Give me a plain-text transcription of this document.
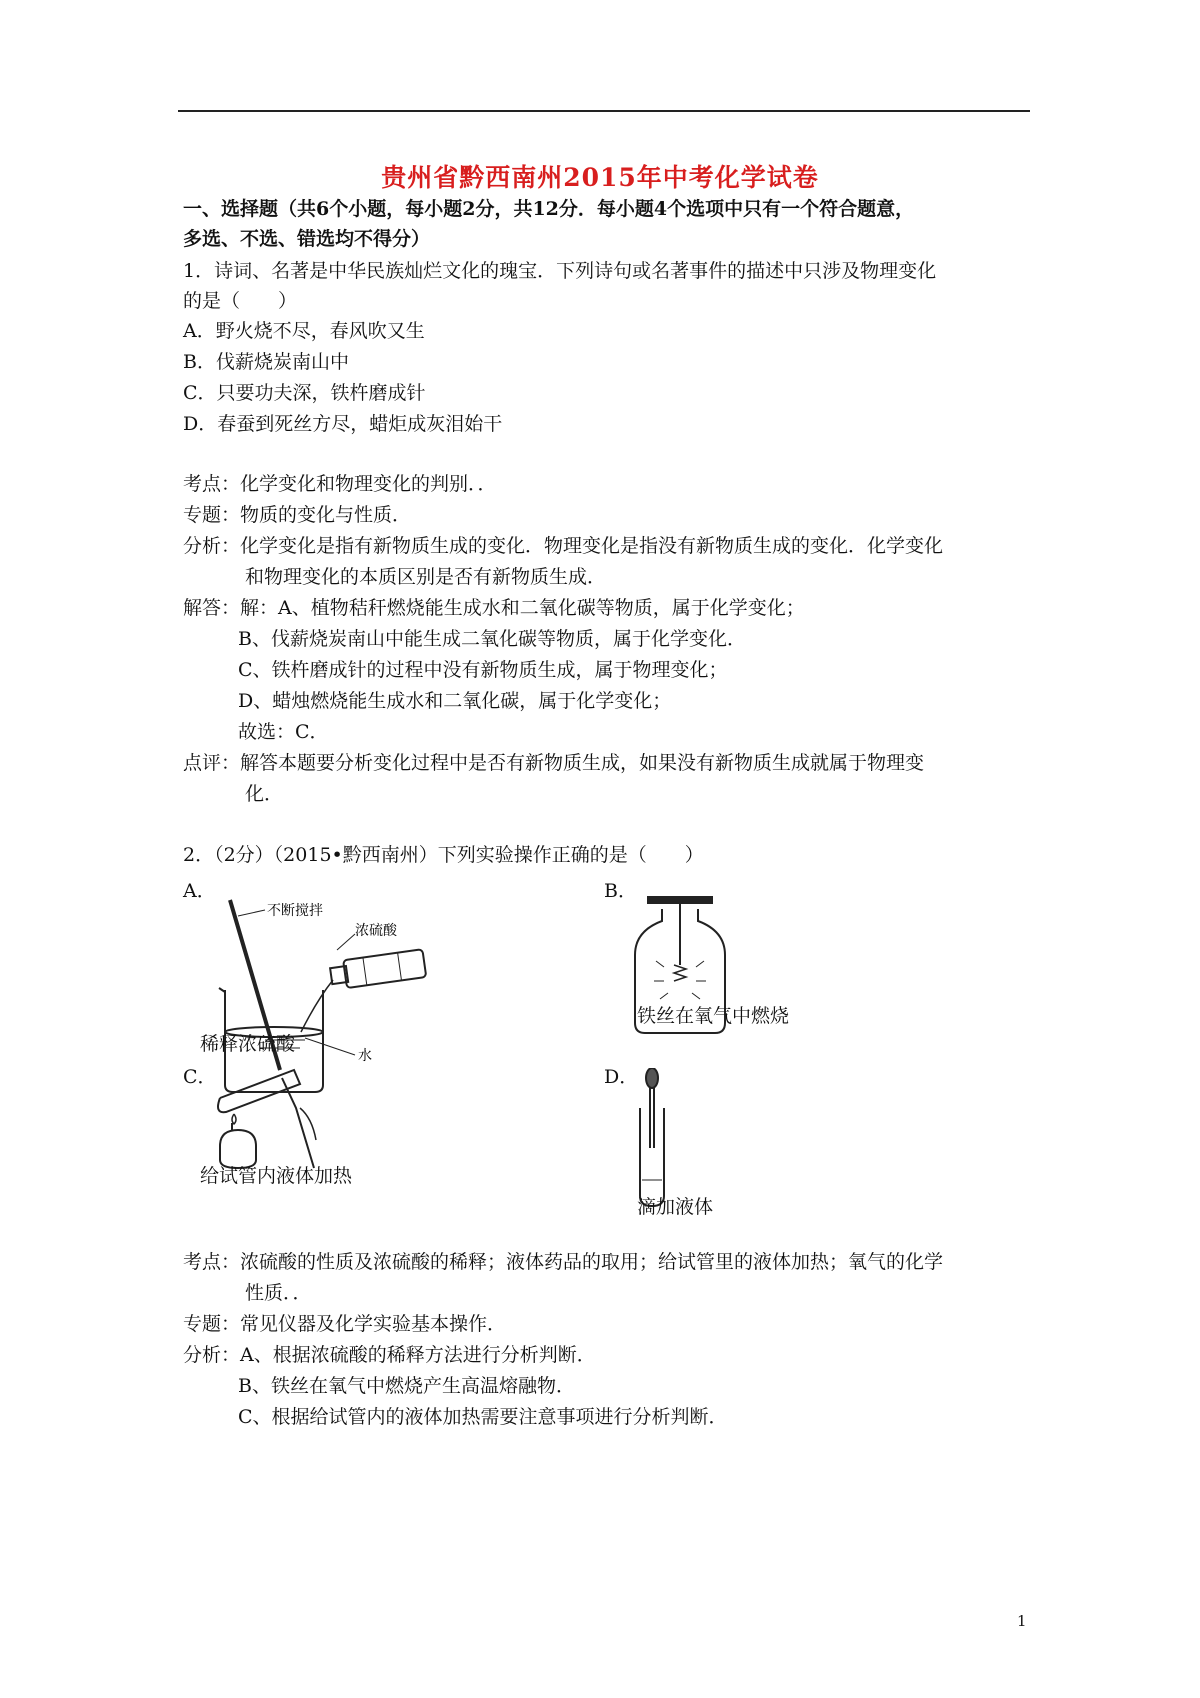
贵州省黔西南州2015年中考化学试卷
一、选择题（共6个小题，每小题2分，共12分．每小题4个选项中只有一个符合题意，
多选、不选、错选均不得分）
1．诗词、名著是中华民族灿烂文化的瑰宝．下列诗句或名著事件的描述中只涉及物理变化
的是（　　）
A．野火烧不尽，春风吹又生
B．伐薪烧炭南山中
C．只要功夫深，铁杵磨成针
D．春蚕到死丝方尽，蜡炬成灰泪始干
考点：化学变化和物理变化的判别．．
专题：物质的变化与性质．
分析：化学变化是指有新物质生成的变化．物理变化是指没有新物质生成的变化．化学变化
和物理变化的本质区别是否有新物质生成．
解答：解：A、植物秸秆燃烧能生成水和二氧化碳等物质，属于化学变化；
B、伐薪烧炭南山中能生成二氧化碳等物质，属于化学变化．
C、铁杵磨成针的过程中没有新物质生成，属于物理变化；
D、蜡烛燃烧能生成水和二氧化碳，属于化学变化；
故选：C．
点评：解答本题要分析变化过程中是否有新物质生成，如果没有新物质生成就属于物理变
化．
2．（2分）（2015•黔西南州）下列实验操作正确的是（　　）
A．	B．
不断搅拌
浓硫酸
水
稀释浓硫酸
铁丝在氧气中燃烧
C．	D．
给试管内液体加热
滴加液体
考点：浓硫酸的性质及浓硫酸的稀释；液体药品的取用；给试管里的液体加热；氧气的化学
性质．．
专题：常见仪器及化学实验基本操作．
分析：A、根据浓硫酸的稀释方法进行分析判断．
B、铁丝在氧气中燃烧产生高温熔融物．
C、根据给试管内的液体加热需要注意事项进行分析判断．
1
